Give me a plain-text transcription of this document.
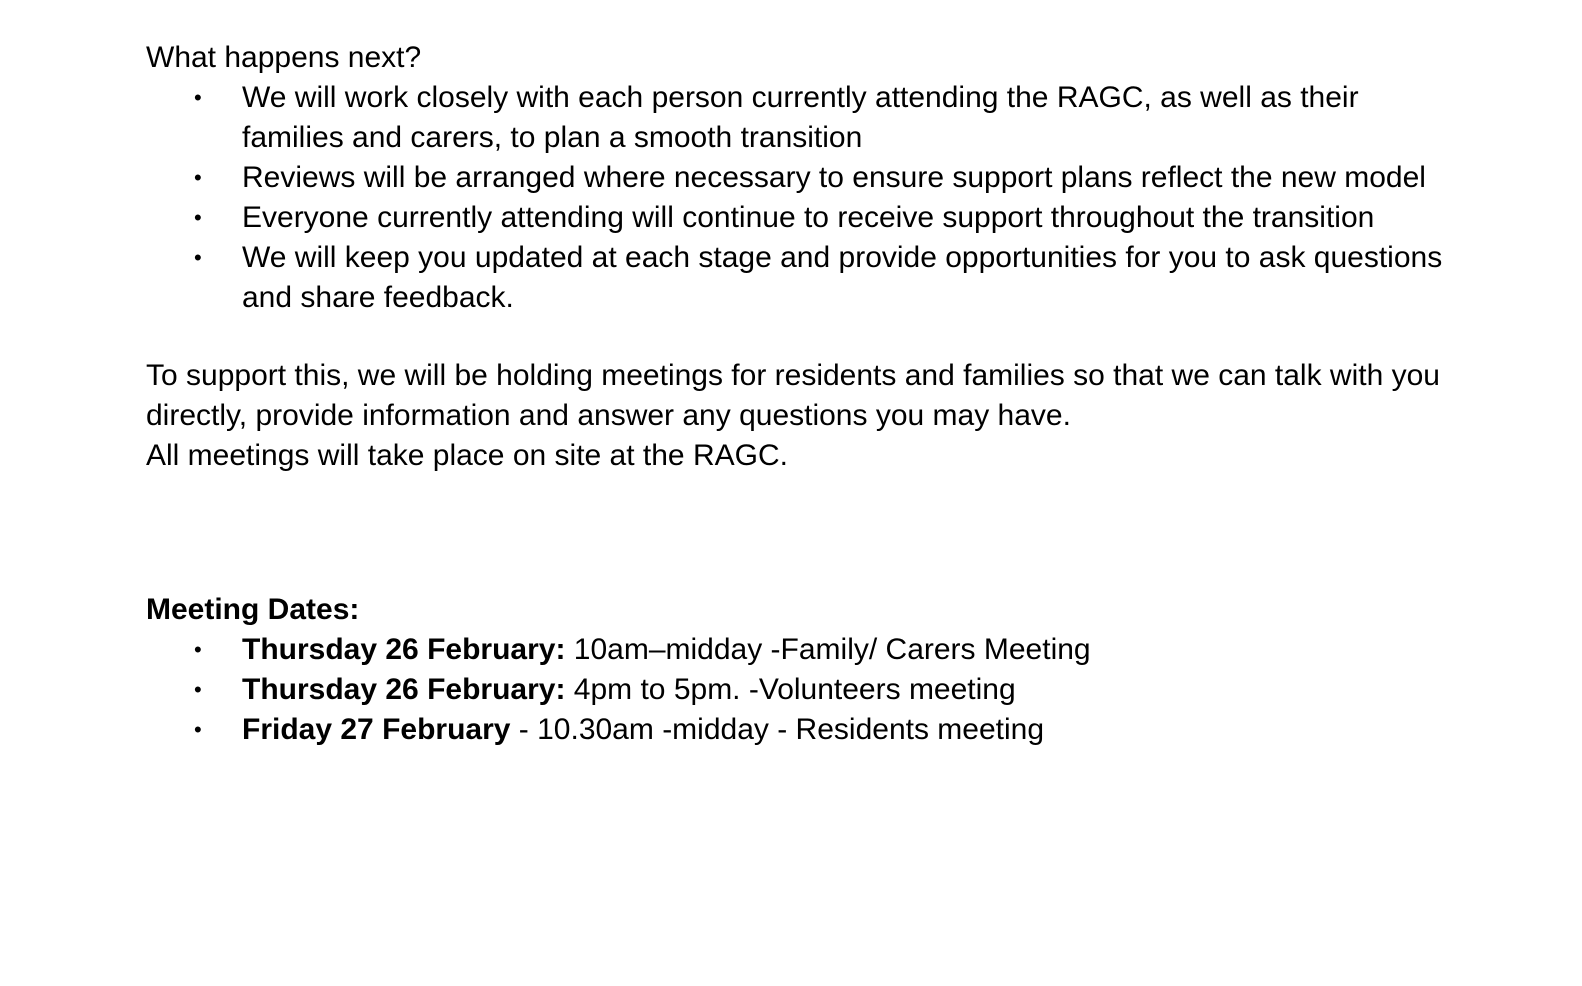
What happens next?

•
We will work closely with each person currently attending the RAGC, as well as their families and carers, to plan a smooth transition
•
Reviews will be arranged where necessary to ensure support plans reflect the new model
•
Everyone currently attending will continue to receive support throughout the transition
•
We will keep you updated at each stage and provide opportunities for you to ask questions and share feedback.

To support this, we will be holding meetings for residents and families so that we can talk with you directly, provide information and answer any questions you may have.

All meetings will take place on site at the RAGC.

Meeting Dates:

•
Thursday 26 February: 10am–midday -Family/ Carers Meeting
•
Thursday 26 February: 4pm to 5pm. -Volunteers meeting
•
Friday 27 February - 10.30am -midday - Residents meeting
